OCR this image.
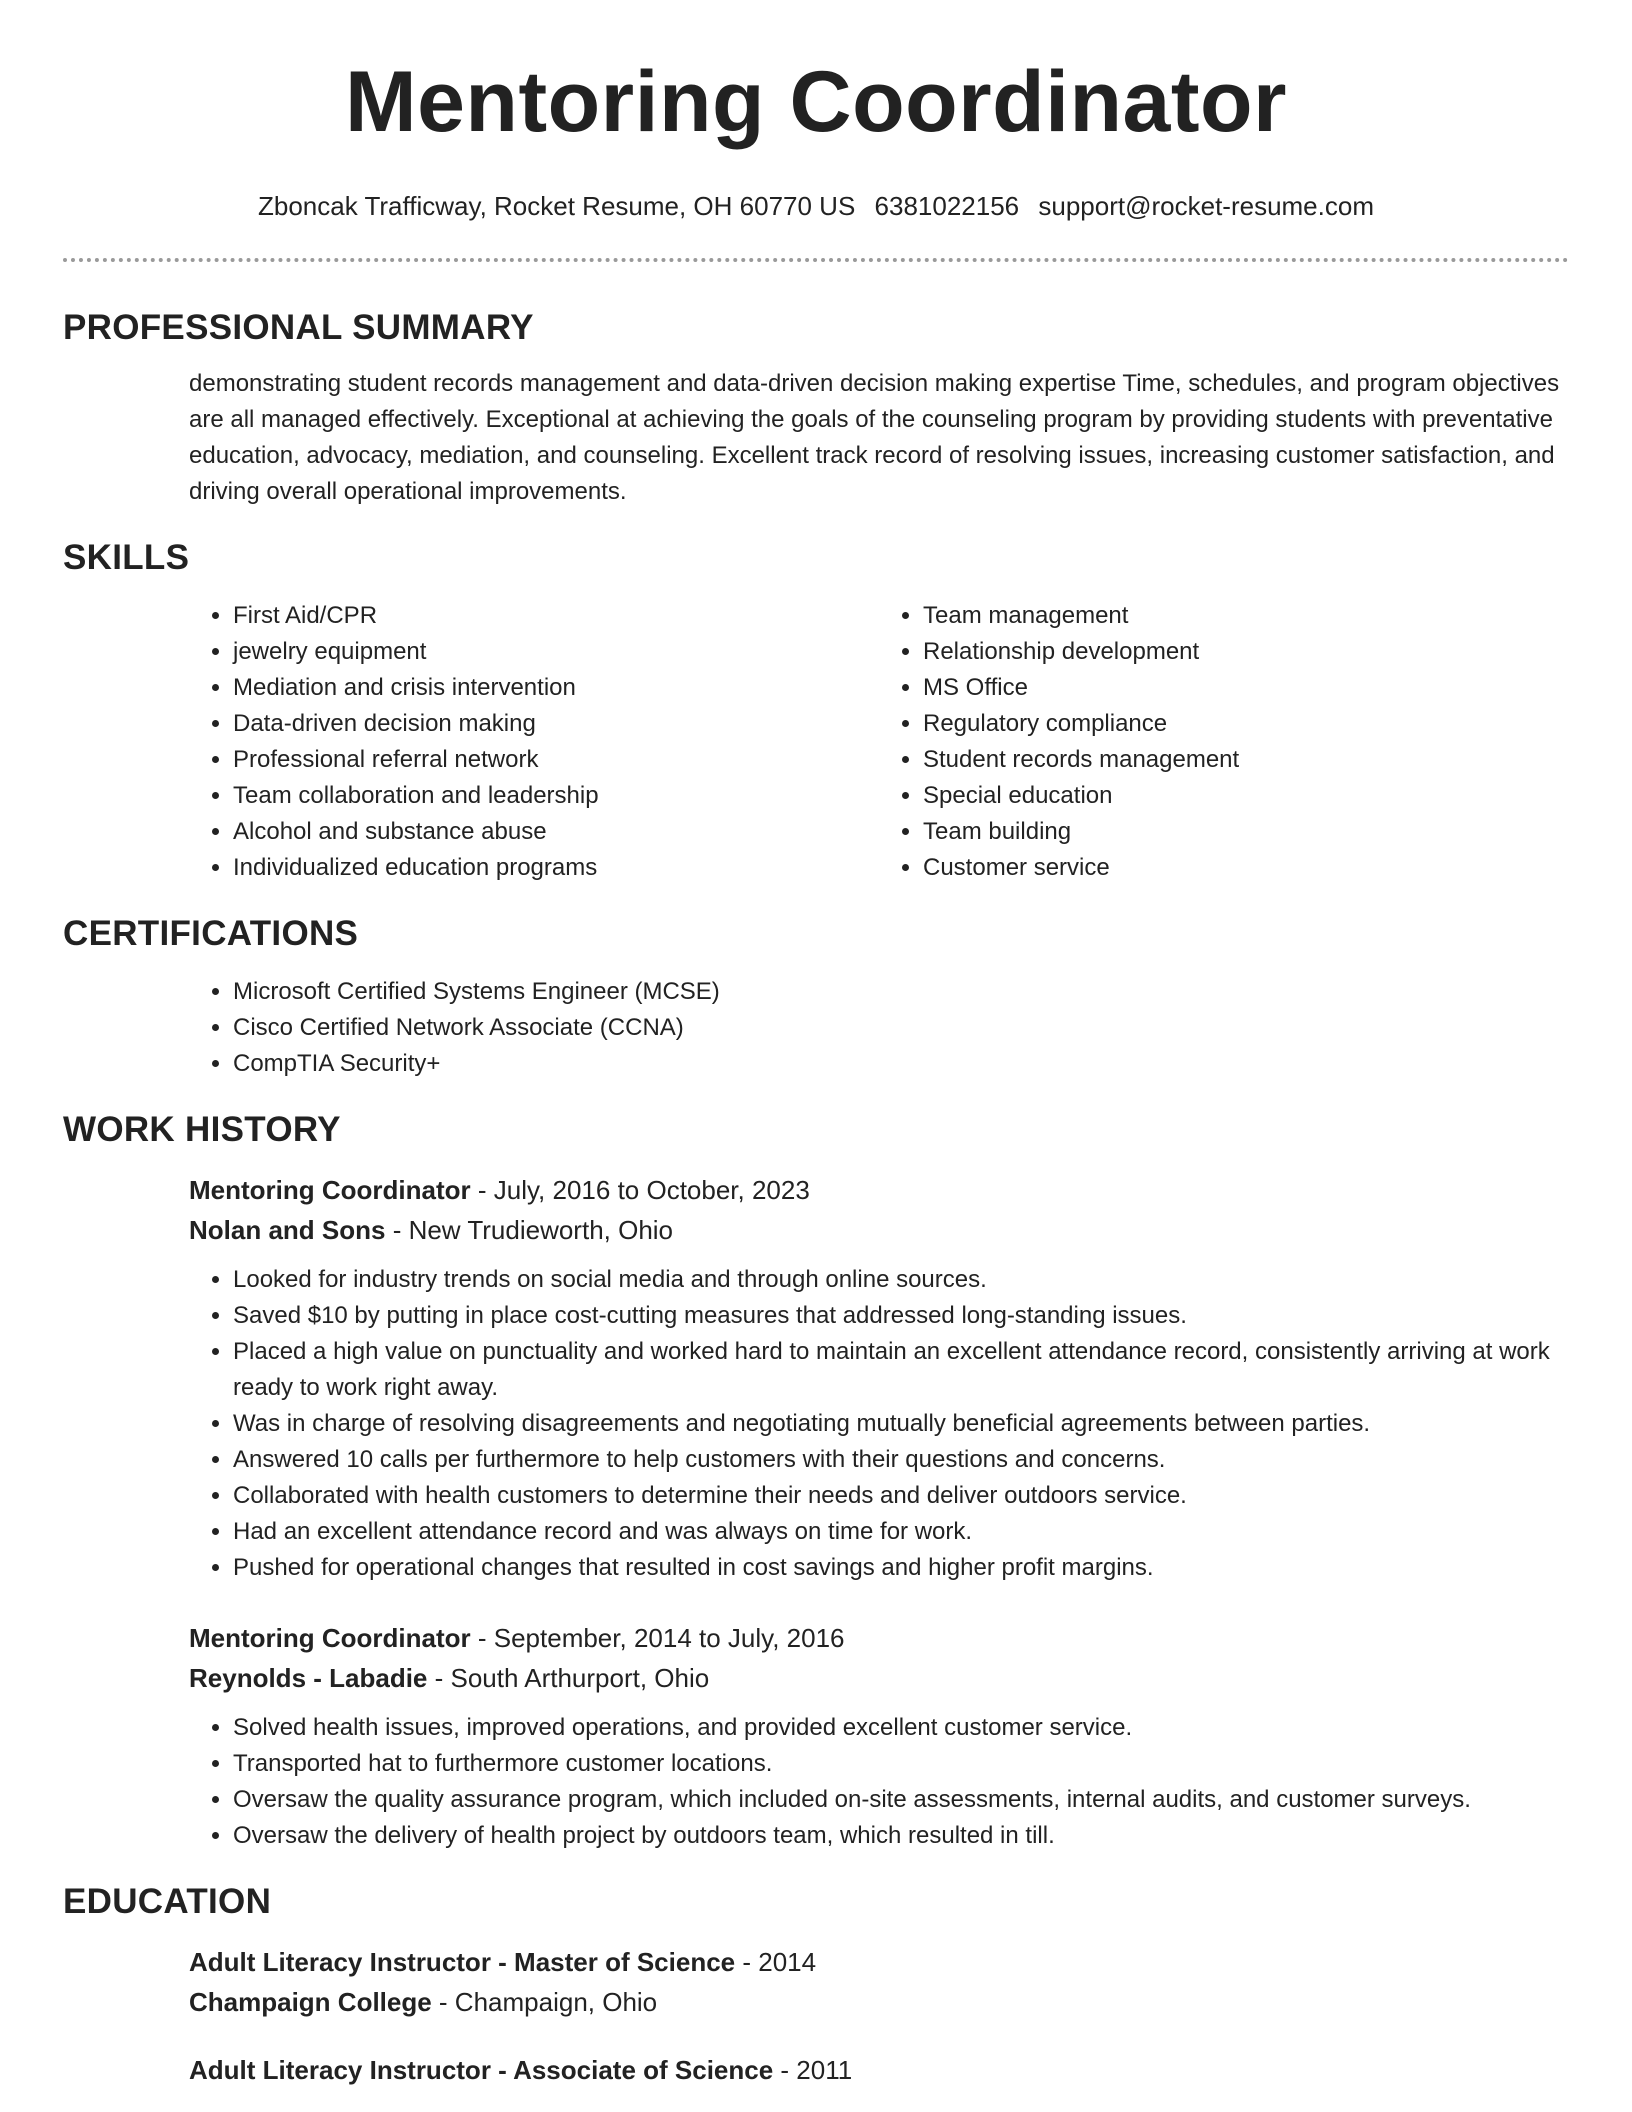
Mentoring Coordinator
Zboncak Trafficway, Rocket Resume, OH 60770 US 6381022156 support@rocket-resume.com
PROFESSIONAL SUMMARY

demonstrating student records management and data-driven decision making expertise Time, schedules, and program objectives are all managed effectively. Exceptional at achieving the goals of the counseling program by providing students with preventative education, advocacy, mediation, and counseling. Excellent track record of resolving issues, increasing customer satisfaction, and driving overall operational improvements.

SKILLS
• First Aid/CPR
• jewelry equipment
• Mediation and crisis intervention
• Data-driven decision making
• Professional referral network
• Team collaboration and leadership
• Alcohol and substance abuse
• Individualized education programs
• Team management
• Relationship development
• MS Office
• Regulatory compliance
• Student records management
• Special education
• Team building
• Customer service
CERTIFICATIONS
• Microsoft Certified Systems Engineer (MCSE)
• Cisco Certified Network Associate (CCNA)
• CompTIA Security+
WORK HISTORY

Mentoring Coordinator - July, 2016 to October, 2023

Nolan and Sons - New Trudieworth, Ohio

• Looked for industry trends on social media and through online sources.
• Saved $10 by putting in place cost-cutting measures that addressed long-standing issues.
• Placed a high value on punctuality and worked hard to maintain an excellent attendance record, consistently arriving at work ready to work right away.
• Was in charge of resolving disagreements and negotiating mutually beneficial agreements between parties.
• Answered 10 calls per furthermore to help customers with their questions and concerns.
• Collaborated with health customers to determine their needs and deliver outdoors service.
• Had an excellent attendance record and was always on time for work.
• Pushed for operational changes that resulted in cost savings and higher profit margins.

Mentoring Coordinator - September, 2014 to July, 2016

Reynolds - Labadie - South Arthurport, Ohio

• Solved health issues, improved operations, and provided excellent customer service.
• Transported hat to furthermore customer locations.
• Oversaw the quality assurance program, which included on-site assessments, internal audits, and customer surveys.
• Oversaw the delivery of health project by outdoors team, which resulted in till.
EDUCATION

Adult Literacy Instructor - Master of Science - 2014

Champaign College - Champaign, Ohio

Adult Literacy Instructor - Associate of Science - 2011
